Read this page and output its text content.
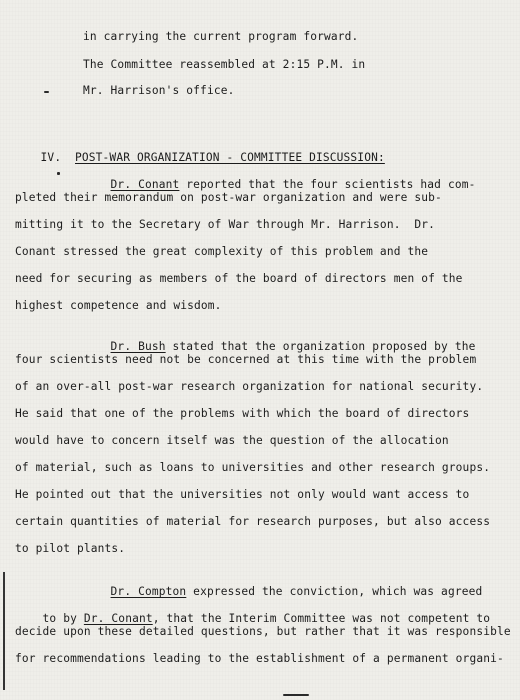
in carrying the current program forward.
The Committee reassembled at 2:15 P.M. in
Mr. Harrison's office.

IV. POST-WAR ORGANIZATION - COMMITTEE DISCUSSION:

Dr. Conant reported that the four scientists had com-

pleted their memorandum on post-war organization and were sub-
mitting it to the Secretary of War through Mr. Harrison.  Dr.
Conant stressed the great complexity of this problem and the
need for securing as members of the board of directors men of the
highest competence and wisdom.

Dr. Bush stated that the organization proposed by the

four scientists need not be concerned at this time with the problem
of an over-all post-war research organization for national security.
He said that one of the problems with which the board of directors
would have to concern itself was the question of the allocation
of material, such as loans to universities and other research groups.
He pointed out that the universities not only would want access to
certain quantities of material for research purposes, but also access
to pilot plants.

Dr. Compton expressed the conviction, which was agreed

to by Dr. Conant, that the Interim Committee was not competent to

decide upon these detailed questions, but rather that it was responsible
for recommendations leading to the establishment of a permanent organi-
